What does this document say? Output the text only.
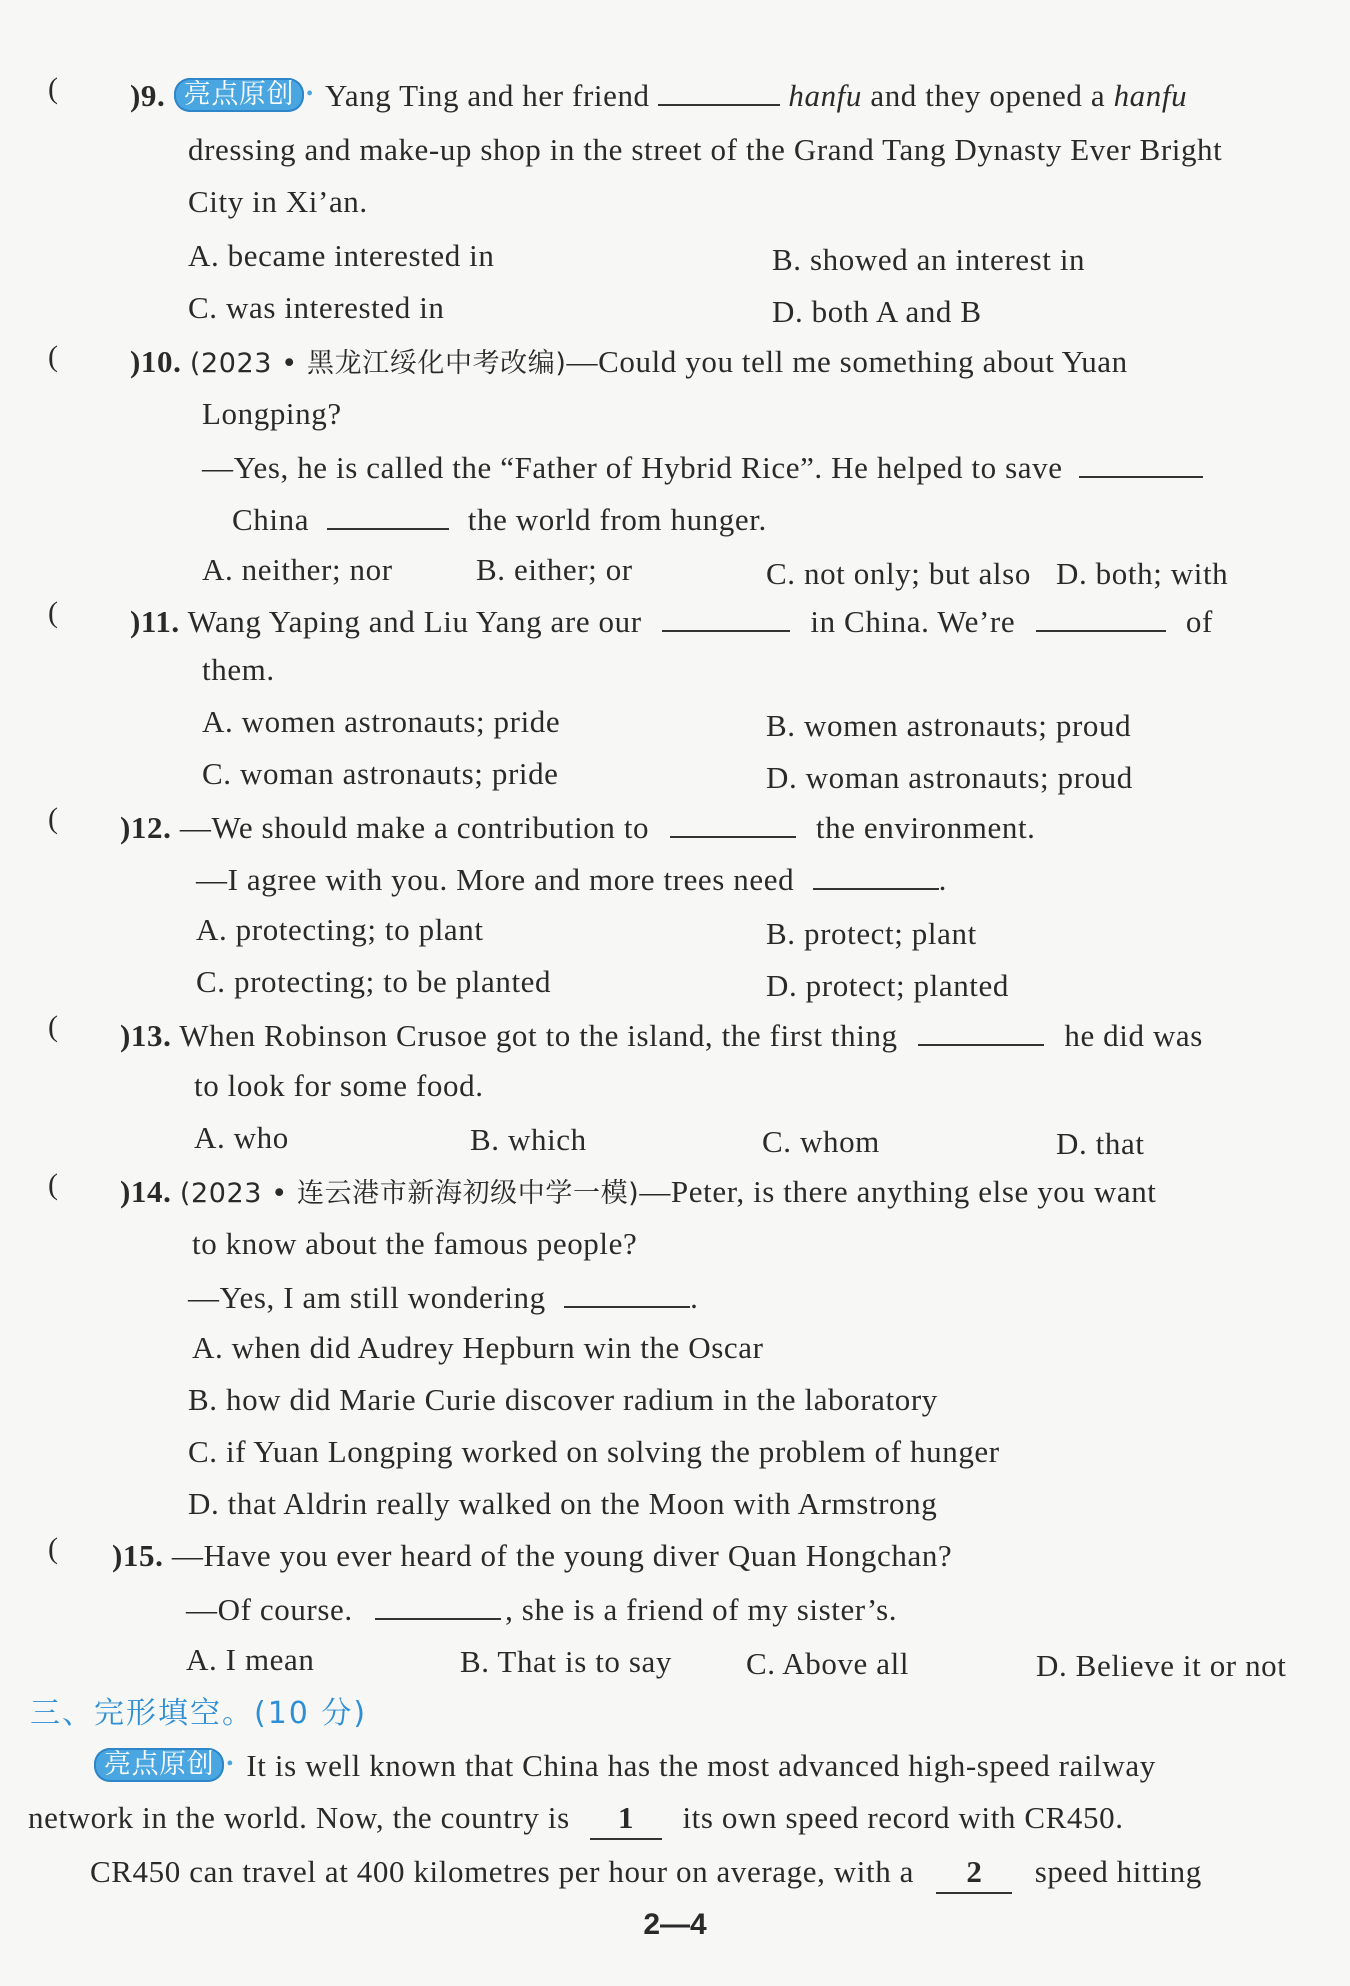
( )9. 亮点原创 • Yang Ting and her friend	hanfu and they opened a hanfu
dressing and make-up shop in the street of the Grand Tang Dynasty Ever Bright
City in Xi’an.
A. became interested in	B. showed an interest in
C. was interested in	D. both A and B
( )10. (2023 • 黑龙江绥化中考改编)—Could you tell me something about Yuan
Longping?
—Yes, he is called the “Father of Hybrid Rice”. He helped to save
China	the world from hunger.
A. neither; nor	B. either; or	C. not only; but also D. both; with
( )11. Wang Yaping and Liu Yang are our	in China. We’re	of
them.
A. women astronauts; pride	B. women astronauts; proud
C. woman astronauts; pride	D. woman astronauts; proud
( )12. —We should make a contribution to	the environment.
—I agree with you. More and more trees need	.
A. protecting; to plant	B. protect; plant
C. protecting; to be planted	D. protect; planted
( )13. When Robinson Crusoe got to the island, the first thing	he did was
to look for some food.
A. who	B. which	C. whom	D. that
( )14. (2023 • 连云港市新海初级中学一模)—Peter, is there anything else you want
to know about the famous people?
—Yes, I am still wondering	.
A. when did Audrey Hepburn win the Oscar
B. how did Marie Curie discover radium in the laboratory
C. if Yuan Longping worked on solving the problem of hunger
D. that Aldrin really walked on the Moon with Armstrong
( )15. —Have you ever heard of the young diver Quan Hongchan?
—Of course.	, she is a friend of my sister’s.
A. I mean	B. That is to say C. Above all	D. Believe it or not
三、完形填空。(10 分)
亮点原创 • It is well known that China has the most advanced high-speed railway
network in the world. Now, the country is 1 its own speed record with CR450.
CR450 can travel at 400 kilometres per hour on average, with a 2 speed hitting
2—4
